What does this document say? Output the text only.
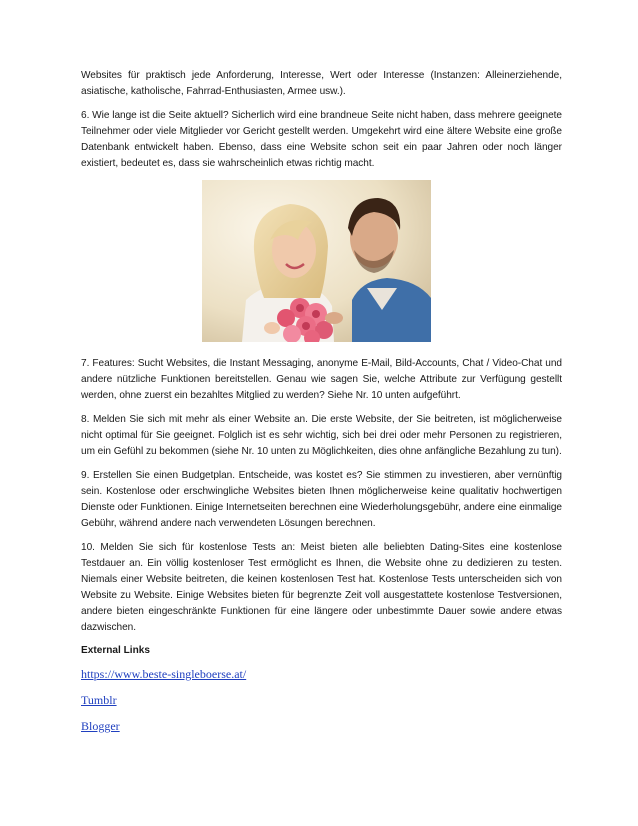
Websites für praktisch jede Anforderung, Interesse, Wert oder Interesse (Instanzen: Alleinerziehende, asiatische, katholische, Fahrrad-Enthusiasten, Armee usw.).

6. Wie lange ist die Seite aktuell? Sicherlich wird eine brandneue Seite nicht haben, dass mehrere geeignete Teilnehmer oder viele Mitglieder vor Gericht gestellt werden. Umgekehrt wird eine ältere Website eine große Datenbank entwickelt haben. Ebenso, dass eine Website schon seit ein paar Jahren oder noch länger existiert, bedeutet es, dass sie wahrscheinlich etwas richtig macht.

7. Features: Sucht Websites, die Instant Messaging, anonyme E-Mail, Bild-Accounts, Chat / Video-Chat und andere nützliche Funktionen bereitstellen. Genau wie sagen Sie, welche Attribute zur Verfügung gestellt werden, ohne zuerst ein bezahltes Mitglied zu werden? Siehe Nr. 10 unten aufgeführt.

8. Melden Sie sich mit mehr als einer Website an. Die erste Website, der Sie beitreten, ist möglicherweise nicht optimal für Sie geeignet. Folglich ist es sehr wichtig, sich bei drei oder mehr Personen zu registrieren, um ein Gefühl zu bekommen (siehe Nr. 10 unten zu Möglichkeiten, dies ohne anfängliche Bezahlung zu tun).

9. Erstellen Sie einen Budgetplan. Entscheide, was kostet es? Sie stimmen zu investieren, aber vernünftig sein. Kostenlose oder erschwingliche Websites bieten Ihnen möglicherweise keine qualitativ hochwertigen Dienste oder Funktionen. Einige Internetseiten berechnen eine Wiederholungsgebühr, andere eine einmalige Gebühr, während andere nach verwendeten Lösungen berechnen.

10. Melden Sie sich für kostenlose Tests an: Meist bieten alle beliebten Dating-Sites eine kostenlose Testdauer an. Ein völlig kostenloser Test ermöglicht es Ihnen, die Website ohne zu dedizieren zu testen. Niemals einer Website beitreten, die keinen kostenlosen Test hat. Kostenlose Tests unterscheiden sich von Website zu Website. Einige Websites bieten für begrenzte Zeit voll ausgestattete kostenlose Testversionen, andere bieten eingeschränkte Funktionen für eine längere oder unbestimmte Dauer sowie andere etwas dazwischen.

External Links
https://www.beste-singleboerse.at/
Tumblr
Blogger
